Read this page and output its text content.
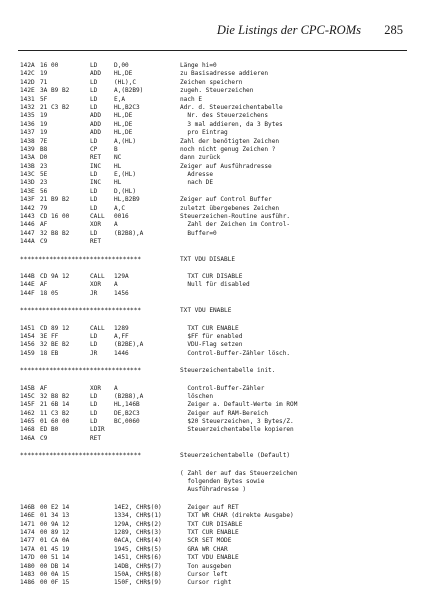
Die Listings der CPC-ROMs 285
142A 16 00	LD	D,00	Länge hi=0
142C 19	ADD HL,DE	zu Basisadresse addieren
142D 71	LD	(HL),C	Zeichen speichern
142E 3A B9 B2	LD	A,(B2B9)	zugeh. Steuerzeichen
1431 5F	LD	E,A	nach E
1432 21 C3 B2	LD	HL,B2C3	Adr. d. Steuerzeichentabelle
1435 19	ADD HL,DE	Nr. des Steuerzeichens
1436 19	ADD HL,DE	3 mal addieren, da 3 Bytes
1437 19	ADD HL,DE	pro Eintrag
1438 7E	LD	A,(HL)	Zahl der benötigten Zeichen
1439 B8	CP	B	noch nicht genug Zeichen ?
143A D0	RET NC	dann zurück
143B 23	INC HL	Zeiger auf Ausführadresse
143C 5E	LD	E,(HL)	Adresse
143D 23	INC HL	nach DE
143E 56	LD	D,(HL)
143F 21 B9 B2	LD	HL,B2B9	Zeiger auf Control Buffer
1442 79	LD	A,C	zuletzt übergebenes Zeichen
1443 CD 16 00	CALL 0016	Steuerzeichen-Routine ausführ.
1446 AF	XOR A	Zahl der Zeichen im Control-
1447 32 B8 B2	LD	(B2B8),A	Buffer=0
144A C9	RET
*********************************	TXT VDU DISABLE
144B CD 9A 12	CALL 129A	TXT CUR DISABLE
144E AF	XOR A	Null für disabled
144F 18 05	JR	1456
*********************************	TXT VDU ENABLE
1451 CD 89 12	CALL 1289	TXT CUR ENABLE
1454 3E FF	LD	A,FF	$FF für enabled
1456 32 BE B2	LD	(B2BE),A	VDU-Flag setzen
1459 18 EB	JR	1446	Control-Buffer-Zähler lösch.
*********************************	Steuerzeichentabelle init.
145B AF	XOR A	Control-Buffer-Zähler
145C 32 B8 B2	LD	(B2B8),A	löschen
145F 21 6B 14	LD	HL,146B	Zeiger a. Default-Werte im ROM
1462 11 C3 B2	LD	DE,B2C3	Zeiger auf RAM-Bereich
1465 01 60 00	LD	BC,0060	$20 Steuerzeichen, 3 Bytes/Z.
1468 ED B0	LDIR	Steuerzeichentabelle kopieren
146A C9	RET
*********************************	Steuerzeichentabelle (Default)
( Zahl der auf das Steuerzeichen
folgenden Bytes sowie
Ausführadresse )
146B 00 E2 14	14E2, CHR$(0)	Zeiger auf RET
146E 01 34 13	1334, CHR$(1)	TXT WR CHAR (direkte Ausgabe)
1471 00 9A 12	129A, CHR$(2)	TXT CUR DISABLE
1474 00 89 12	1289, CHR$(3)	TXT CUR ENABLE
1477 01 CA 0A	0ACA, CHR$(4)	SCR SET MODE
147A 01 45 19	1945, CHR$(5)	GRA WR CHAR
147D 00 51 14	1451, CHR$(6)	TXT VDU ENABLE
1480 00 DB 14	14DB, CHR$(7)	Ton ausgeben
1483 00 0A 15	150A, CHR$(8)	Cursor left
1486 00 0F 15	150F, CHR$(9)	Cursor right
